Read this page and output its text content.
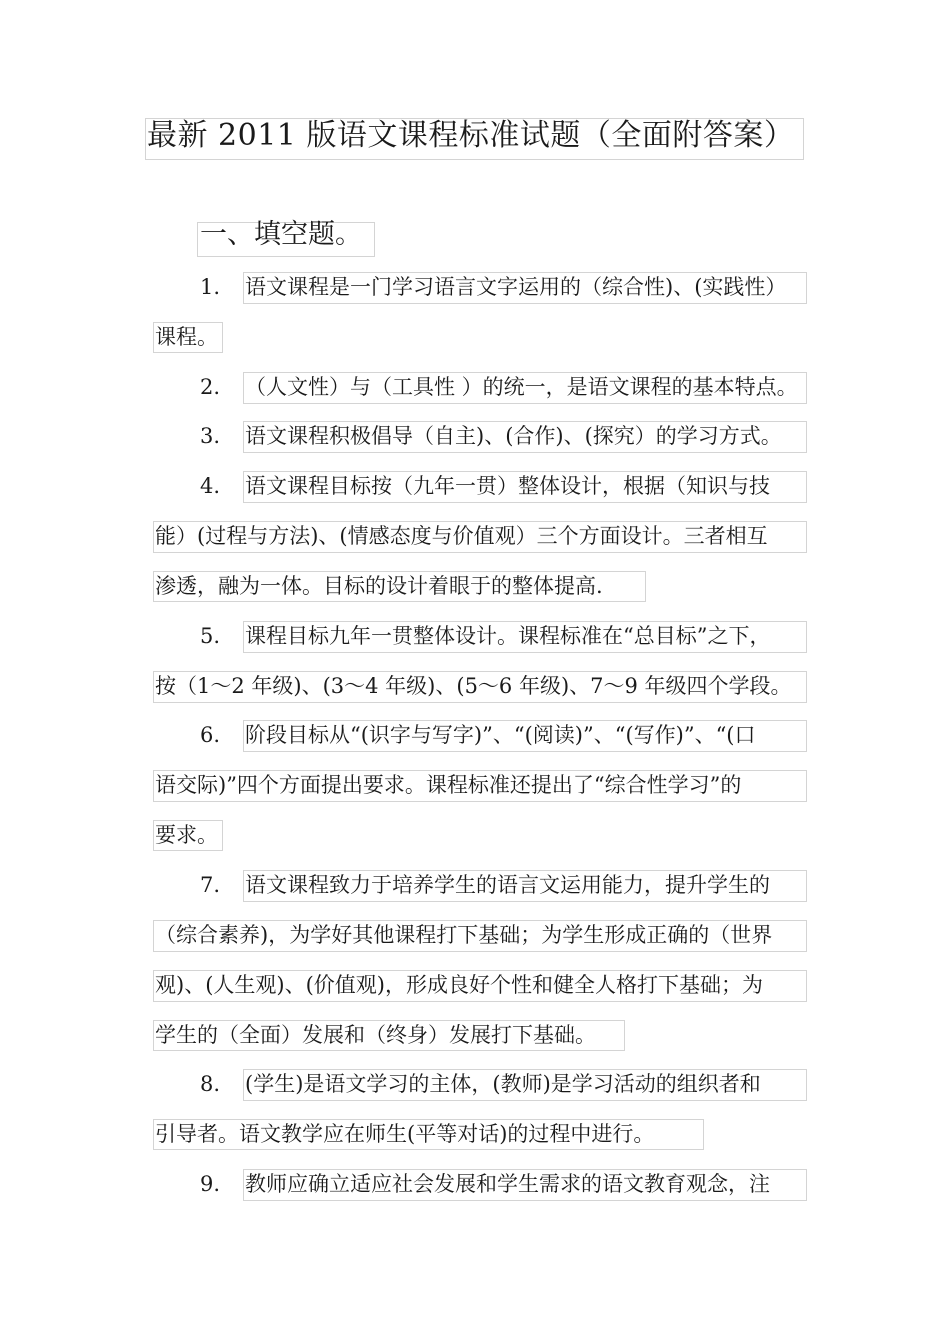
最新 2011 版语文课程标准试题（全面附答案）
一、填空题。
1. 语文课程是一门学习语言文字运用的（综合性)、(实践性）
课程。
2. （人文性）与（工具性 ）的统一，是语文课程的基本特点。
3. 语文课程积极倡导（自主)、(合作)、(探究）的学习方式。
4. 语文课程目标按（九年一贯）整体设计，根据（知识与技
能）(过程与方法)、(情感态度与价值观）三个方面设计。三者相互
渗透，融为一体。目标的设计着眼于的整体提高.
5. 课程目标九年一贯整体设计。课程标准在“总目标”之下，
按（1～2 年级)、(3～4 年级)、(5～6 年级)、7～9 年级四个学段。
6. 阶段目标从“(识字与写字)”、“(阅读)”、“(写作)”、“(口
语交际)”四个方面提出要求。课程标准还提出了“综合性学习”的
要求。
7. 语文课程致力于培养学生的语言文运用能力，提升学生的
（综合素养)，为学好其他课程打下基础；为学生形成正确的（世界
观)、(人生观)、(价值观)，形成良好个性和健全人格打下基础；为
学生的（全面）发展和（终身）发展打下基础。
8. (学生)是语文学习的主体，(教师)是学习活动的组织者和
引导者。语文教学应在师生(平等对话)的过程中进行。
9. 教师应确立适应社会发展和学生需求的语文教育观念，注
